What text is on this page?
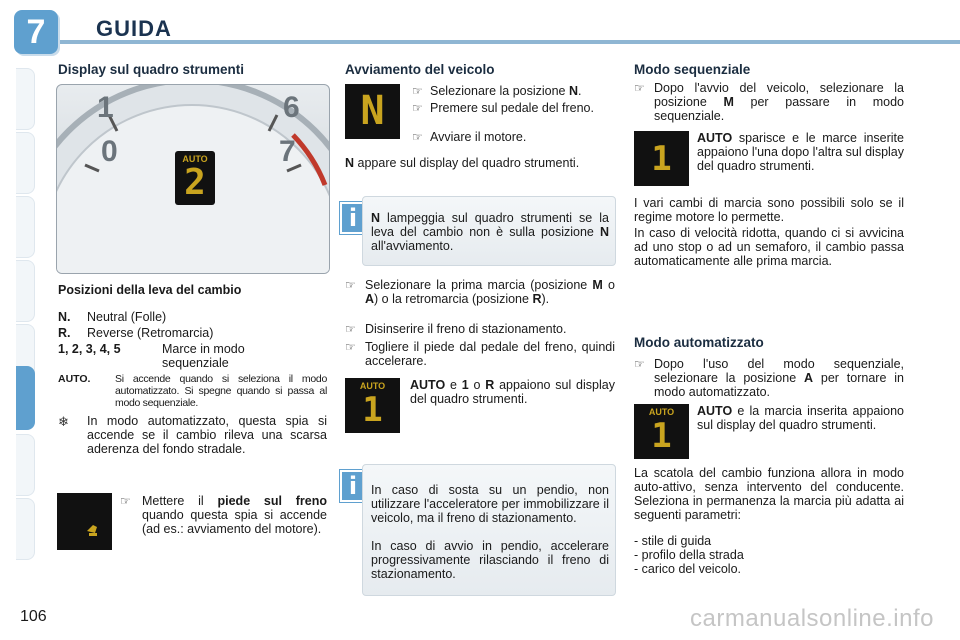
7	GUIDA
Display sul quadro strumenti
1	6
0	7
AUTO
2
Posizioni della leva del cambio
N. Neutral (Folle)
R. Reverse (Retromarcia)
1, 2, 3, 4, 5	Marce in modo sequenziale
AUTO. Si accende quando si seleziona il modo automatizzato. Si spegne quando si passa al modo sequenziale.
❄ In modo automatizzato, questa spia si accende se il cambio rileva una scarsa aderenza del fondo stradale.
☞ Mettere il piede sul freno quando questa spia si accende (ad es.: avviamento del motore).
Avviamento del veicolo
N	☞ Selezionare la posizione N.
☞ Premere sul pedale del freno.
☞ Avviare il motore.
N appare sul display del quadro strumenti.
i	N lampeggia sul quadro strumenti se la leva del cambio non è sulla posizione N all'avviamento.
☞ Selezionare la prima marcia (posizione M o A) o la retromarcia (posizione R).
☞ Disinserire il freno di stazionamento.
☞ Togliere il piede dal pedale del freno, quindi accelerare.
AUTO
1
AUTO e 1 o R appaiono sul display del quadro strumenti.
i	In caso di sosta su un pendio, non utilizzare l'acceleratore per immobilizzare il veicolo, ma il freno di stazionamento.
In caso di avvio in pendio, accelerare progressivamente rilasciando il freno di stazionamento.
Modo sequenziale
☞ Dopo l'avvio del veicolo, selezionare la posizione M per passare in modo sequenziale.
1
AUTO sparisce e le marce inserite appaiono l'una dopo l'altra sul display del quadro strumenti.
I vari cambi di marcia sono possibili solo se il regime motore lo permette.
In caso di velocità ridotta, quando ci si avvicina ad uno stop o ad un semaforo, il cambio passa automaticamente alle prima marcia.
Modo automatizzato
☞ Dopo l'uso del modo sequenziale, selezionare la posizione A per tornare in modo automatizzato.
AUTO
1
AUTO e la marcia inserita appaiono sul display del quadro strumenti.
La scatola del cambio funziona allora in modo auto-attivo, senza intervento del conducente. Seleziona in permanenza la marcia più adatta ai seguenti parametri:
- stile di guida
- profilo della strada
- carico del veicolo.
106	carmanualsonline.info
